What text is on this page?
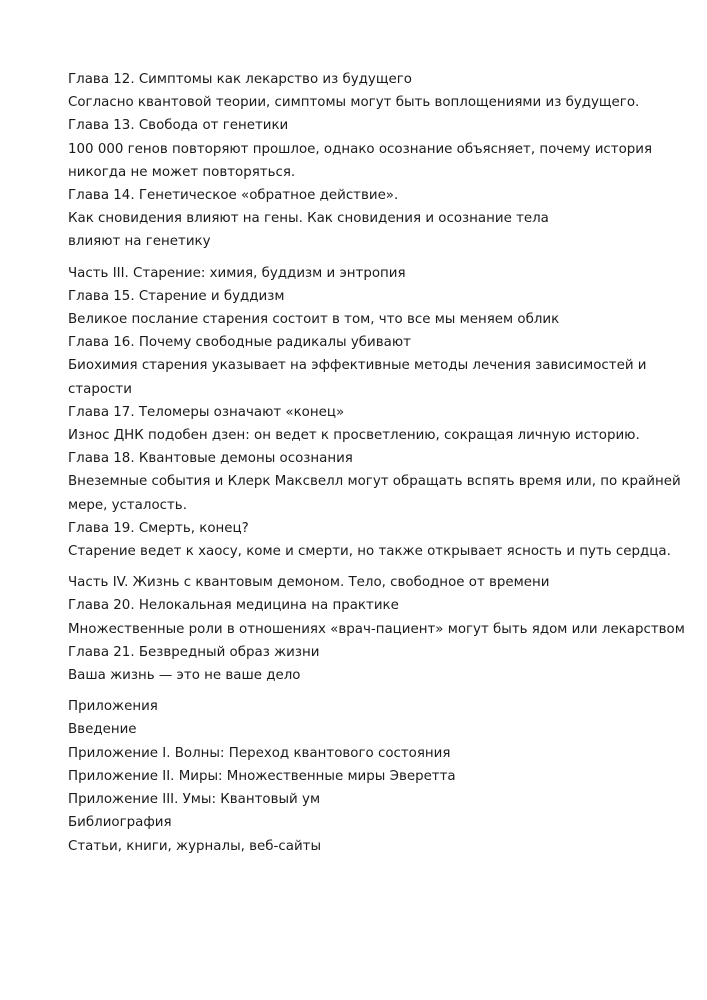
Глава 12. Симптомы как лекарство из будущего

Согласно квантовой теории, симптомы могут быть воплощениями из будущего.

Глава 13. Свобода от генетики

100 000 генов повторяют прошлое, однако осознание объясняет, почему история

никогда не может повторяться.

Глава 14. Генетическое «обратное действие».

Как сновидения влияют на гены. Как сновидения и осознание тела

влияют на генетику

Часть III. Старение: химия, буддизм и энтропия

Глава 15. Старение и буддизм

Великое послание старения состоит в том, что все мы меняем облик

Глава 16. Почему свободные радикалы убивают

Биохимия старения указывает на эффективные методы лечения зависимостей и

старости

Глава 17. Теломеры означают «конец»

Износ ДНК подобен дзен: он ведет к просветлению, сокращая личную историю.

Глава 18. Квантовые демоны осознания

Внеземные события и Клерк Максвелл могут обращать вспять время или, по крайней

мере, усталость.

Глава 19. Смерть, конец?

Старение ведет к хаосу, коме и смерти, но также открывает ясность и путь сердца.

Часть IV. Жизнь с квантовым демоном. Тело, свободное от времени

Глава 20. Нелокальная медицина на практике

Множественные роли в отношениях «врач-пациент» могут быть ядом или лекарством

Глава 21. Безвредный образ жизни

Ваша жизнь — это не ваше дело

Приложения

Введение

Приложение I. Волны: Переход квантового состояния

Приложение II. Миры: Множественные миры Эверетта

Приложение III. Умы: Квантовый ум

Библиография

Статьи, книги, журналы, веб-сайты
